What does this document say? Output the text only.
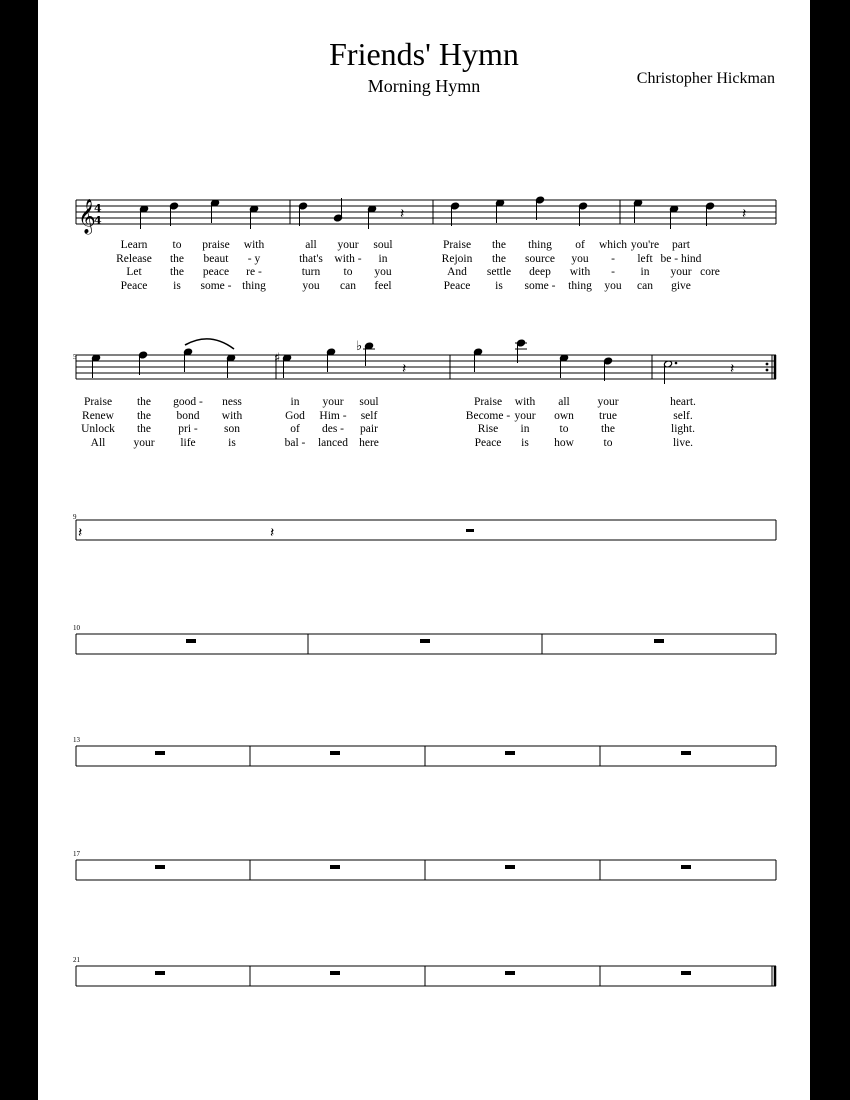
Friends' Hymn
Morning Hymn	Christopher Hickman
𝄞
4
4	𝄽	𝄽
Learn to praise with	all your soul	Praise the thing of which you're part
Release the beaut - y	that's with - in	Rejoin the source you - left be - hind
Let the peace re -	turn to you	And settle deep with - in your core
Peace is some - thing	you can feel	Peace is some - thing you can give
5	♯
♭
𝄽	𝄽
Praise the good - ness	in your soul	Praise with all your	heart.
Renew the bond with	God Him - self	Become - your own true	self.
Unlock the pri - son	of des - pair	Rise in	to	the	light.
All your life	is	bal - lanced here	Peace is how	to	live.
9
𝄽	𝄽
10
13
17
21
